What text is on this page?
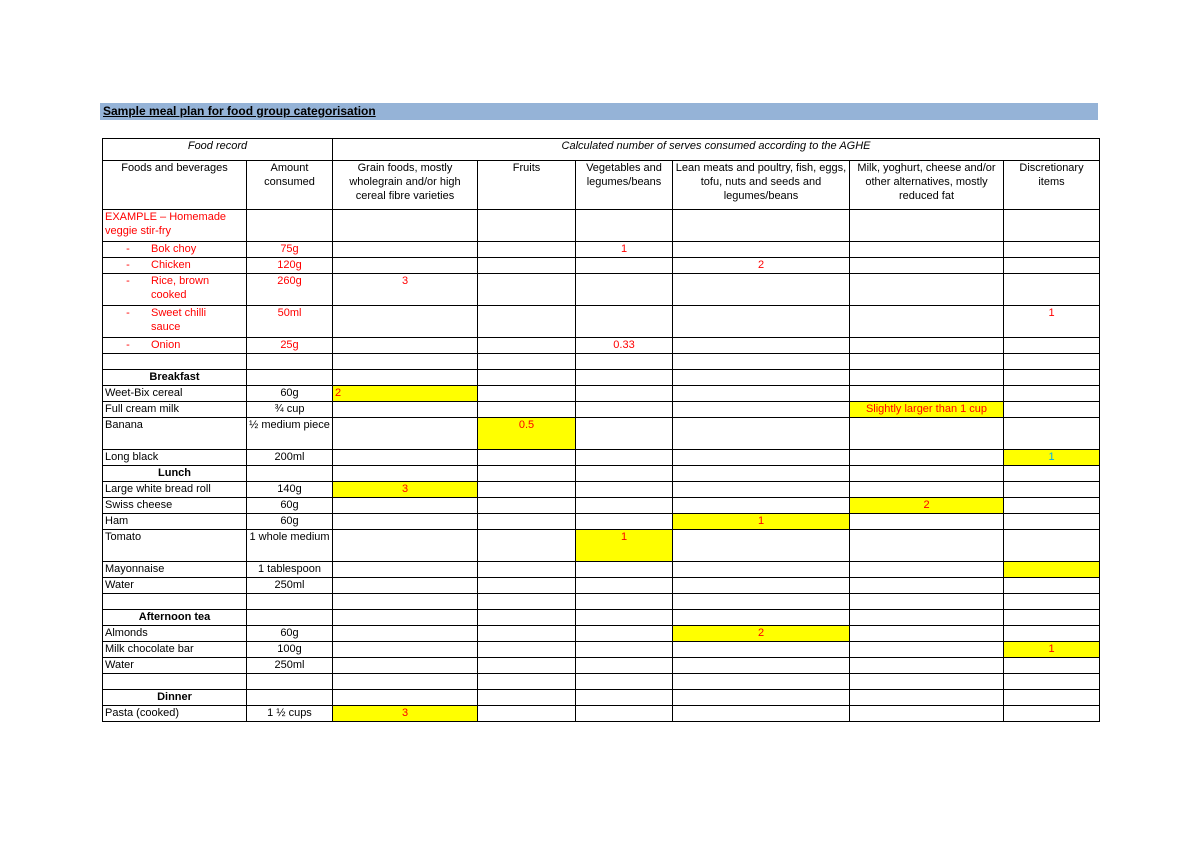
Sample meal plan for food group categorisation
Food record		Calculated number of serves consumed according to the AGHE					
Foods and beverages	Amount consumed	Grain foods, mostly wholegrain and/or high cereal fibre varieties	Fruits	Vegetables and legumes/beans	Lean meats and poultry, fish, eggs, tofu, nuts and seeds and legumes/beans	Milk, yoghurt, cheese and/or other alternatives, mostly reduced fat	Discretionary items
EXAMPLE – Homemade veggie stir-fry							
- Bok choy	75g			1			
- Chicken	120g				2		
- Rice, brown cooked	260g	3					
- Sweet chilli sauce	50ml						1
- Onion	25g			0.33			

Breakfast							
Weet-Bix cereal	60g	2					
Full cream milk	¾ cup					Slightly larger than 1 cup	
Banana	½ medium piece		0.5				
Long black	200ml						1
Lunch							
Large white bread roll	140g	3					
Swiss cheese	60g					2	
Ham	60g				1		
Tomato	1 whole medium			1			
Mayonnaise	1 tablespoon						
Water	250ml						

Afternoon tea							
Almonds	60g				2		
Milk chocolate bar	100g						1
Water	250ml						

Dinner							
Pasta (cooked)	1 ½ cups	3					
